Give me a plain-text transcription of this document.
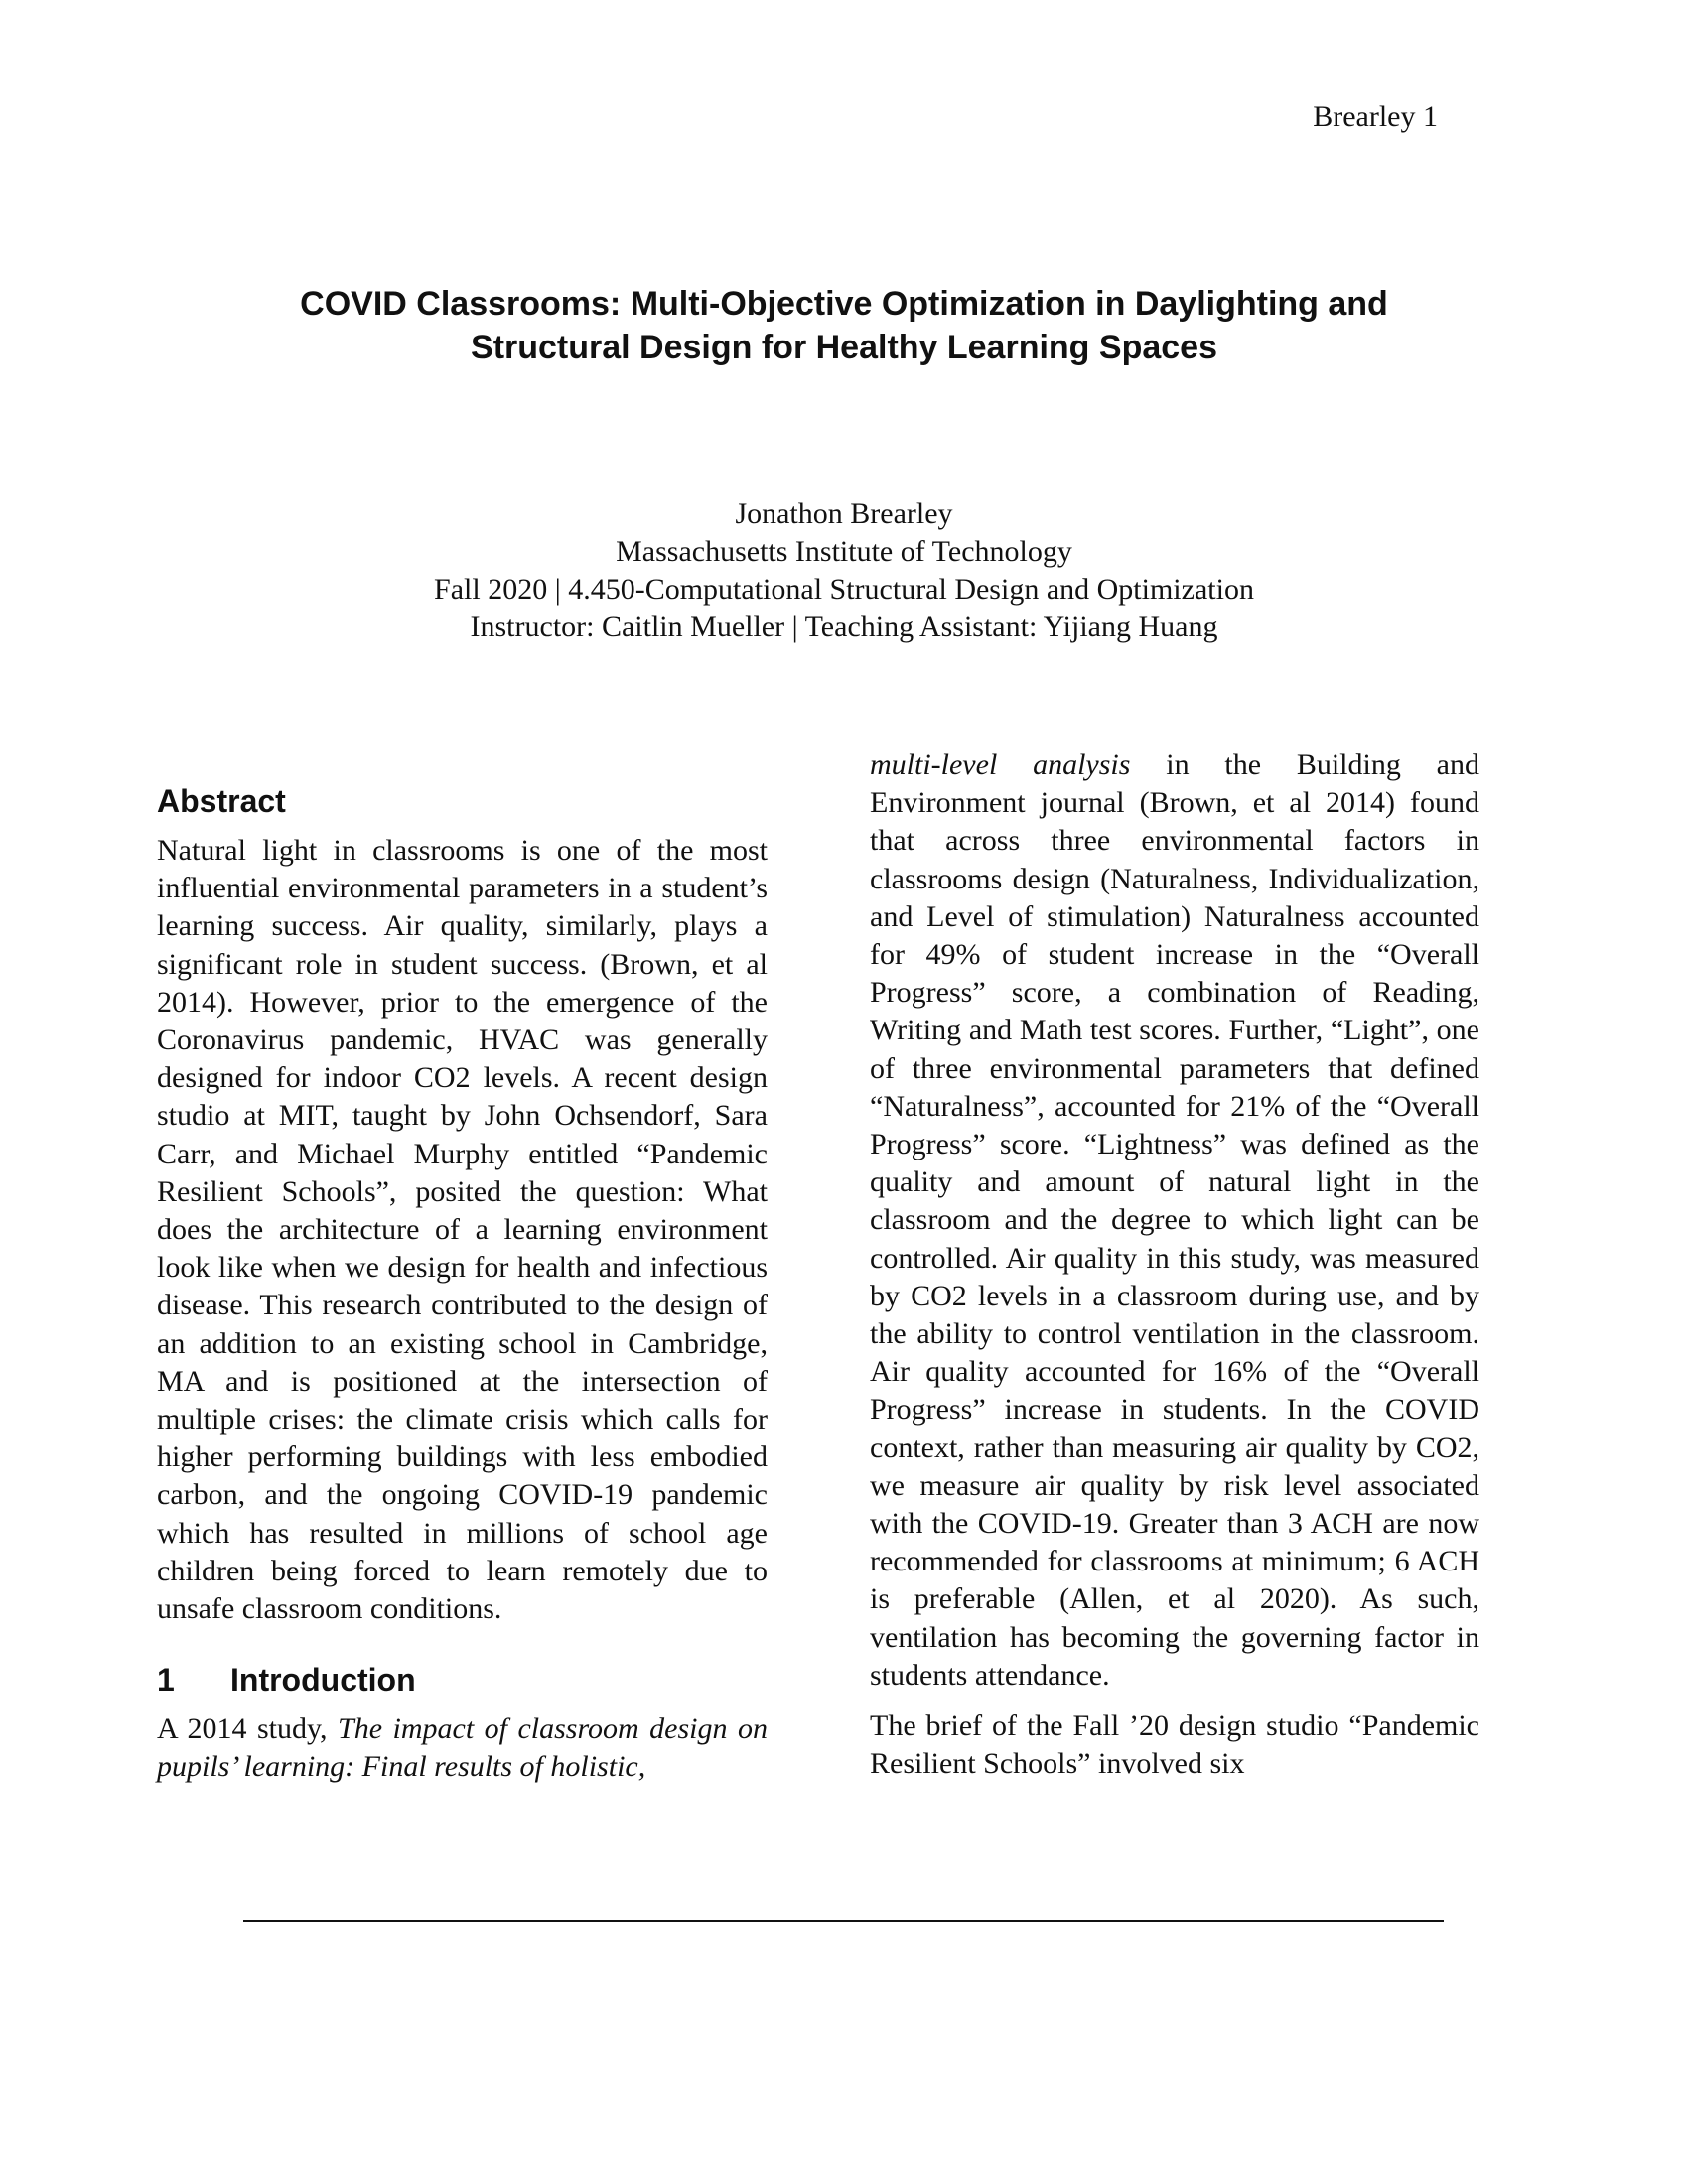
Brearley 1
COVID Classrooms: Multi-Objective Optimization in Daylighting and
Structural Design for Healthy Learning Spaces
Jonathon Brearley
Massachusetts Institute of Technology
Fall 2020 | 4.450-Computational Structural Design and Optimization
Instructor: Caitlin Mueller | Teaching Assistant: Yijiang Huang
Abstract

Natural light in classrooms is one of the most influential environmental parameters in a student’s learning success. Air quality, similarly, plays a significant role in student success. (Brown, et al 2014). However, prior to the emergence of the Coronavirus pandemic, HVAC was generally designed for indoor CO2 levels. A recent design studio at MIT, taught by John Ochsendorf, Sara Carr, and Michael Murphy entitled “Pandemic Resilient Schools”, posited the question: What does the architecture of a learning environment look like when we design for health and infectious disease. This research contributed to the design of an addition to an existing school in Cambridge, MA and is positioned at the intersection of multiple crises: the climate crisis which calls for higher performing buildings with less embodied carbon, and the ongoing COVID-19 pandemic which has resulted in millions of school age children being forced to learn remotely due to unsafe classroom conditions.

1 Introduction

A 2014 study, The impact of classroom design on pupils’ learning: Final results of holistic,

multi-level analysis in the Building and Environment journal (Brown, et al 2014) found that across three environmental factors in classrooms design (Naturalness, Individualization, and Level of stimulation) Naturalness accounted for 49% of student increase in the “Overall Progress” score, a combination of Reading, Writing and Math test scores. Further, “Light”, one of three environmental parameters that defined “Naturalness”, accounted for 21% of the “Overall Progress” score. “Lightness” was defined as the quality and amount of natural light in the classroom and the degree to which light can be controlled. Air quality in this study, was measured by CO2 levels in a classroom during use, and by the ability to control ventilation in the classroom. Air quality accounted for 16% of the “Overall Progress” increase in students. In the COVID context, rather than measuring air quality by CO2, we measure air quality by risk level associated with the COVID-19. Greater than 3 ACH are now recommended for classrooms at minimum; 6 ACH is preferable (Allen, et al 2020). As such, ventilation has becoming the governing factor in students attendance.

The brief of the Fall ’20 design studio “Pandemic Resilient Schools” involved six
